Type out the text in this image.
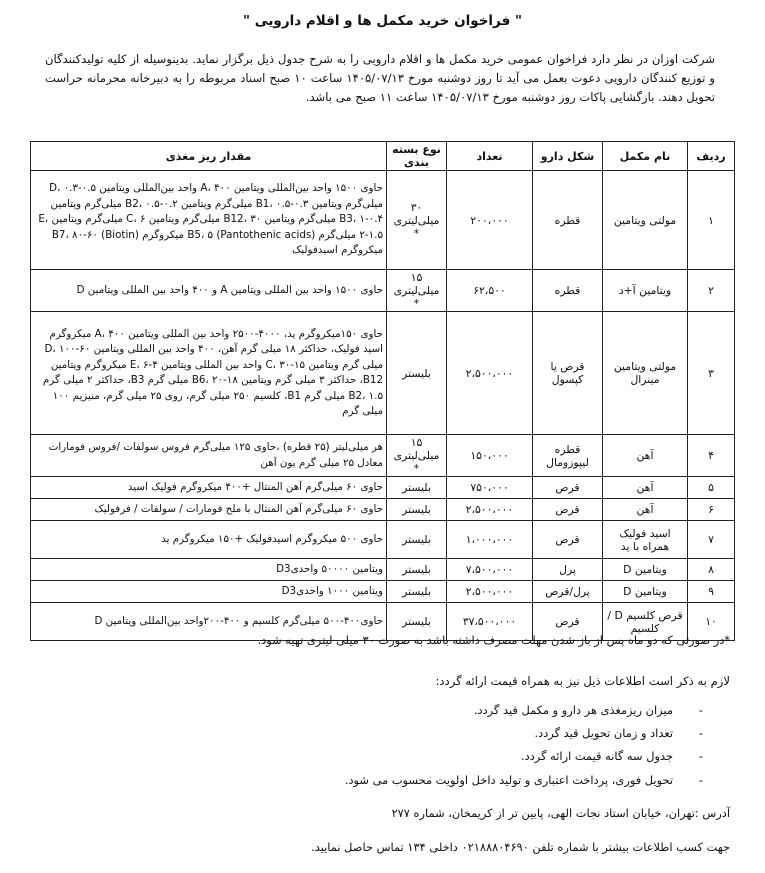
" فراخوان خرید مکمل ها و اقلام دارویی "
شرکت اوزان در نظر دارد فراخوان عمومی خرید مکمل ها و اقلام دارویی را به شرح جدول ذیل برگزار نماید. بدینوسیله از کلیه تولیدکنندگان و توزیع کنندگان دارویی دعوت بعمل می آید تا روز دوشنبه مورخ ۱۴۰۵/۰۷/۱۳ ساعت ۱۰ صبح اسناد مربوطه را به دبیرخانه محرمانه حراست تحویل دهند. بازگشایی پاکات روز دوشنبه مورخ ۱۴۰۵/۰۷/۱۳ ساعت ۱۱ صبح می باشد.
ردیف	نام مکمل	شکل دارو	تعداد	نوع بسته بندی	مقدار ریز مغذی
۱	مولتی ویتامین	قطره	۲۰۰،۰۰۰	۳۰ میلی‌لیتری *	حاوی ۱۵۰۰ واحد بین‌المللی ویتامین A، ۴۰۰ واحد بین‌المللی ویتامین D، ۰.۳-۰.۵ میلی‌گرم ویتامین B1، ۰.۵-۰.۳ میلی‌گرم ویتامین B2، ۰.۵-۰.۲ میلی‌گرم ویتامین B3، ۱-۰.۴ میلی‌گرم ویتامین B12، ۳۰ میلی‌گرم ویتامین C، ۶ میلی‌گرم ویتامین E، ۲-۱.۵ میلی‌گرم (Pantothenic acids) B5، ۵ میکروگرم (Biotin) B7، ۸۰-۶۰ میکروگرم اسیدفولیک
۲	ویتامین آ+د	قطره	۶۲،۵۰۰	۱۵ میلی‌لیتری *	حاوی ۱۵۰۰ واحد بین المللی ویتامین A و ۴۰۰ واحد بین المللی ویتامین D
۳	مولتی ویتامین مینرال	قرص یا کپسول	۲،۵۰۰،۰۰۰	بلیستر	حاوی ۱۵۰میکروگرم ید، ۴۰۰۰-۲۵۰۰ واحد بین المللی ویتامین A، ۴۰۰ میکروگرم اسید فولیک، حداکثر ۱۸ میلی گرم آهن، ۴۰۰ واحد بین المللی ویتامین D، ۱۰۰-۶۰ میلی گرم ویتامین C، ۳۰-۱۵ واحد بین المللی ویتامین E، ۶-۴ میکروگرم ویتامین B12، حداکثر ۳ میلی گرم ویتامین B6، ۲۰-۱۸ میلی گرم B3، حداکثر ۲ میلی گرم B2، ۱.۵ میلی گرم B1، کلسیم ۲۵۰ میلی گرم، روی ۲۵ میلی گرم، منیزیم ۱۰۰ میلی گرم
۴	آهن	قطره لیپوزومال	۱۵۰،۰۰۰	۱۵ میلی‌لیتری *	هر میلی‌لیتر (۲۵ قطره) ،حاوی ۱۲۵ میلی‌گرم فروس سولفات /فروس فومارات معادل ۲۵ میلی گرم یون آهن
۵	آهن	قرص	۷۵۰،۰۰۰	بلیستر	حاوی ۶۰ میلی‌گرم آهن المنتال +۴۰۰ میکروگرم فولیک اسید
۶	آهن	قرص	۲،۵۰۰،۰۰۰	بلیستر	حاوی ۶۰ میلی‌گرم آهن المنتال با ملح فومارات / سولفات / فرفولیک
۷	اسید فولیک همراه با ید	قرص	۱،۰۰۰،۰۰۰	بلیستر	حاوی ۵۰۰ میکروگرم اسیدفولیک +۱۵۰ میکروگرم ید
۸	ویتامین D	پرل	۷،۵۰۰،۰۰۰	بلیستر	ویتامین ۵۰۰۰۰ واحدیD3
۹	ویتامین D	پرل/قرص	۲،۵۰۰،۰۰۰	بلیستر	ویتامین ۱۰۰۰ واحدیD3
۱۰	قرص کلسیم D / کلسیم	قرص	۳۷،۵۰۰،۰۰۰	بلیستر	حاوی۴۰۰-۵۰۰ میلی‌گرم کلسیم و ۴۰۰-۲۰۰واحد بین‌المللی ویتامین D
*در صورتی که دو ماه پس از باز شدن مهلت مصرف داشته باشد به صورت ۳۰ میلی لیتری تهیه شود.
لازم به ذکر است اطلاعات ذیل نیز به همراه قیمت ارائه گردد:
-
میزان ریزمغذی هر دارو و مکمل قید گردد.
-
تعداد و زمان تحویل قید گردد.
-
جدول سه گانه قیمت ارائه گردد.
-
تحویل فوری، پرداخت اعتباری و تولید داخل اولویت محسوب می شود.
آدرس :تهران، خیابان استاد نجات الهی، پایین تر از کریمخان، شماره ۲۷۷
جهت کسب اطلاعات بیشتر با شماره تلفن ۰۲۱۸۸۸۰۴۶۹۰ داخلی ۱۳۴ تماس حاصل نمایید.
